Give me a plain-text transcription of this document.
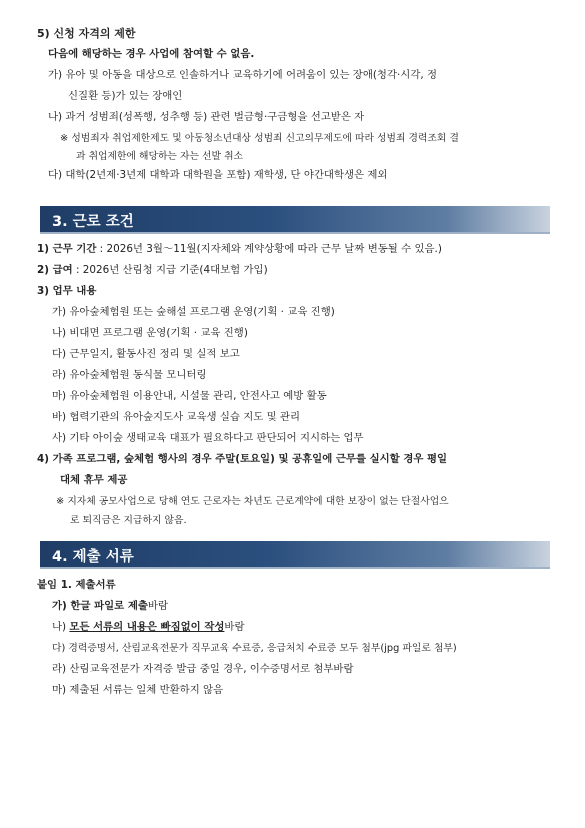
5) 신청 자격의 제한
다음에 해당하는 경우 사업에 참여할 수 없음.
가) 유아 및 아동을 대상으로 인솔하거나 교육하기에 어려움이 있는 장애(청각·시각, 정
신질환 등)가 있는 장애인
나) 과거 성범죄(성폭행, 성추행 등) 관련 벌금형·구금형을 선고받은 자
※ 성범죄자 취업제한제도 및 아동청소년대상 성범죄 신고의무제도에 따라 성범죄 경력조회 결
과 취업제한에 해당하는 자는 선발 취소
다) 대학(2년제·3년제 대학과 대학원을 포함) 재학생, 단 야간대학생은 제외
3. 근로 조건
1) 근무 기간 : 2026년 3월～11월(지자체와 계약상황에 따라 근무 날짜 변동될 수 있음.)
2) 급여 : 2026년 산림청 지급 기준(4대보험 가입)
3) 업무 내용
가) 유아숲체험원 또는 숲해설 프로그램 운영(기획 · 교육 진행)
나) 비대면 프로그램 운영(기획 · 교육 진행)
다) 근무일지, 활동사진 정리 및 실적 보고
라) 유아숲체험원 동식물 모니터링
마) 유아숲체험원 이용안내, 시설물 관리, 안전사고 예방 활동
바) 협력기관의 유아숲지도사 교육생 실습 지도 및 관리
사) 기타 아이숲 생태교육 대표가 필요하다고 판단되어 지시하는 업무
4) 가족 프로그램, 숲체험 행사의 경우 주말(토요일) 및 공휴일에 근무를 실시할 경우 평일
대체 휴무 제공
※ 지자체 공모사업으로 당해 연도 근로자는 차년도 근로계약에 대한 보장이 없는 단절사업으
로 퇴직금은 지급하지 않음.
4. 제출 서류
붙임 1. 제출서류
가) 한글 파일로 제출바람
나) 모든 서류의 내용은 빠짐없이 작성바람
다) 경력증명서, 산림교육전문가 직무교육 수료증, 응급처치 수료증 모두 첨부(jpg 파일로 첨부)
라) 산림교육전문가 자격증 발급 중일 경우, 이수증명서로 첨부바람
마) 제출된 서류는 일체 반환하지 않음
